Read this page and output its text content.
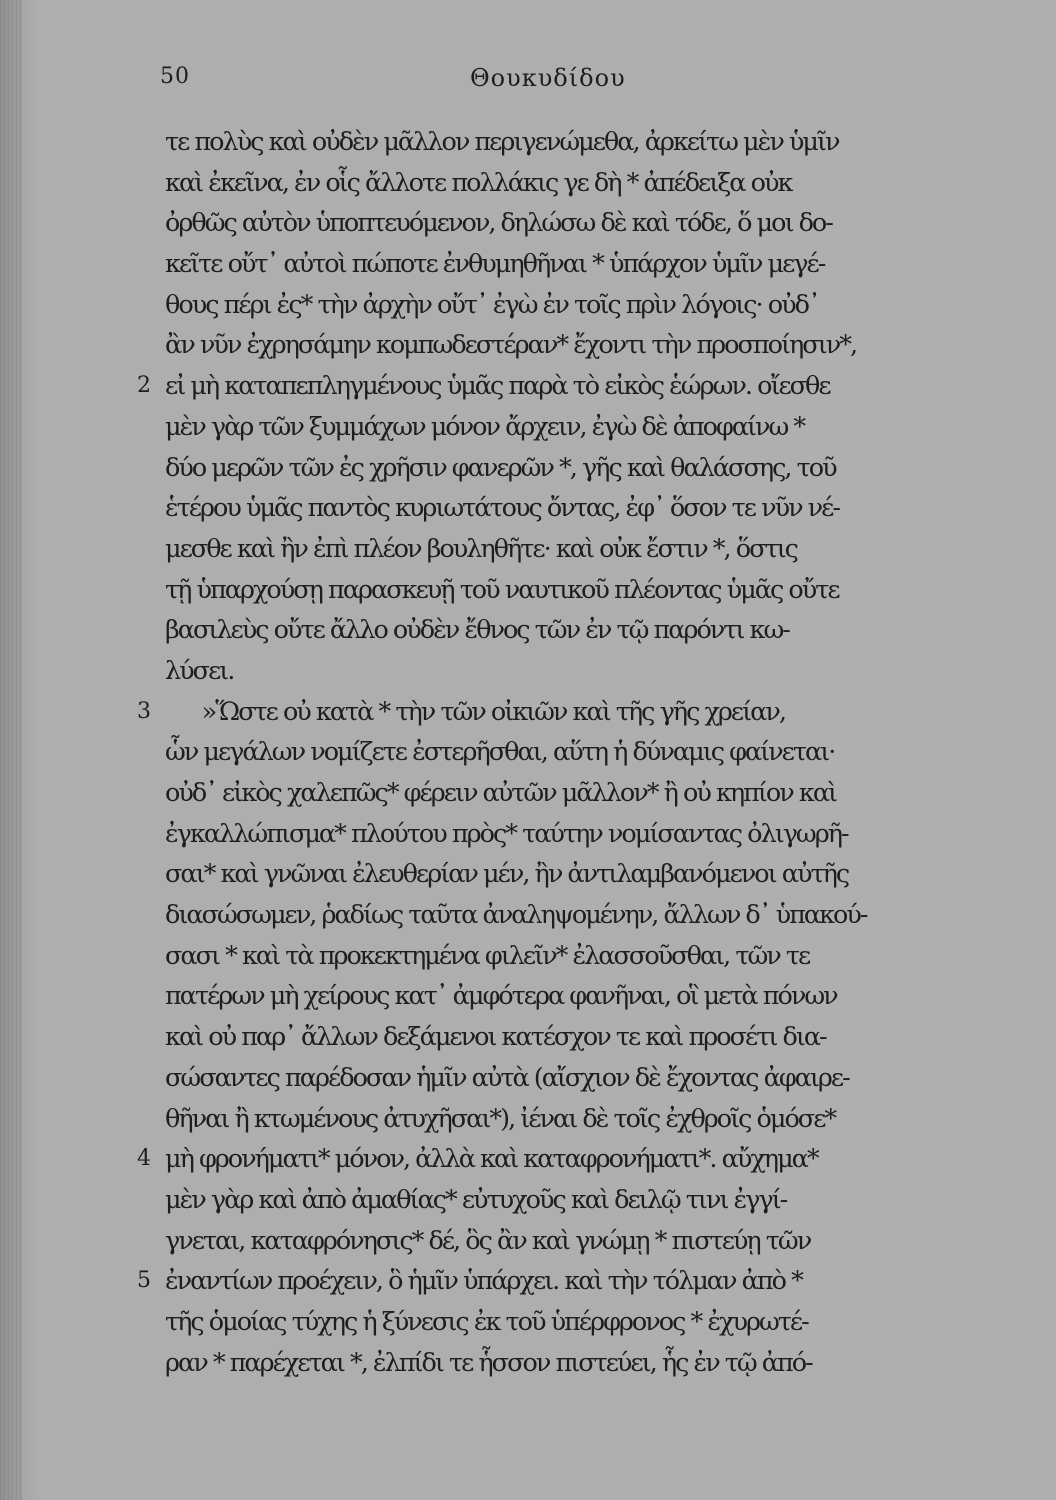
50	Θουκυδίδου
τε πολὺς καὶ οὐδὲν μᾶλλον περιγενώμεθα, ἀρκείτω μὲν ὑμῖν
καὶ ἐκεῖνα, ἐν οἷς ἄλλοτε πολλάκις γε δὴ * ἀπέδειξα οὐκ
ὀρθῶς αὐτὸν ὑποπτευόμενον, δηλώσω δὲ καὶ τόδε, ὅ μοι δο-
κεῖτε οὔτ᾽ αὐτοὶ πώποτε ἐνθυμηθῆναι * ὑπάρχον ὑμῖν μεγέ-
θους πέρι ἐς* τὴν ἀρχὴν οὔτ᾽ ἐγὼ ἐν τοῖς πρὶν λόγοις· οὐδ᾽
ἂν νῦν ἐχρησάμην κομπωδεστέραν* ἔχοντι τὴν προσποίησιν*,
2 εἰ μὴ καταπεπληγμένους ὑμᾶς παρὰ τὸ εἰκὸς ἑώρων. οἴεσθε
μὲν γὰρ τῶν ξυμμάχων μόνον ἄρχειν, ἐγὼ δὲ ἀποφαίνω *
δύο μερῶν τῶν ἐς χρῆσιν φανερῶν *, γῆς καὶ θαλάσσης, τοῦ
ἑτέρου ὑμᾶς παντὸς κυριωτάτους ὄντας, ἐφ᾽ ὅσον τε νῦν νέ-
μεσθε καὶ ἢν ἐπὶ πλέον βουληθῆτε· καὶ οὐκ ἔστιν *, ὅστις
τῇ ὑπαρχούσῃ παρασκευῇ τοῦ ναυτικοῦ πλέοντας ὑμᾶς οὔτε
βασιλεὺς οὔτε ἄλλο οὐδὲν ἔθνος τῶν ἐν τῷ παρόντι κω-
λύσει.
3 »Ὥστε οὐ κατὰ * τὴν τῶν οἰκιῶν καὶ τῆς γῆς χρείαν,
ὧν μεγάλων νομίζετε ἐστερῆσθαι, αὕτη ἡ δύναμις φαίνεται·
οὐδ᾽ εἰκὸς χαλεπῶς* φέρειν αὐτῶν μᾶλλον* ἢ οὐ κηπίον καὶ
ἐγκαλλώπισμα* πλούτου πρὸς* ταύτην νομίσαντας ὀλιγωρῆ-
σαι* καὶ γνῶναι ἐλευθερίαν μέν, ἢν ἀντιλαμβανόμενοι αὐτῆς
διασώσωμεν, ῥαδίως ταῦτα ἀναληψομένην, ἄλλων δ᾽ ὑπακού-
σασι * καὶ τὰ προκεκτημένα φιλεῖν* ἐλασσοῦσθαι, τῶν τε
πατέρων μὴ χείρους κατ᾽ ἀμφότερα φανῆναι, οἳ μετὰ πόνων
καὶ οὐ παρ᾽ ἄλλων δεξάμενοι κατέσχον τε καὶ προσέτι δια-
σώσαντες παρέδοσαν ἡμῖν αὐτὰ (αἴσχιον δὲ ἔχοντας ἀφαιρε-
θῆναι ἢ κτωμένους ἀτυχῆσαι*), ἰέναι δὲ τοῖς ἐχθροῖς ὁμόσε*
4 μὴ φρονήματι* μόνον, ἀλλὰ καὶ καταφρονήματι*. αὔχημα*
μὲν γὰρ καὶ ἀπὸ ἀμαθίας* εὐτυχοῦς καὶ δειλῷ τινι ἐγγί-
γνεται, καταφρόνησις* δέ, ὃς ἂν καὶ γνώμῃ * πιστεύῃ τῶν
5 ἐναντίων προέχειν, ὃ ἡμῖν ὑπάρχει. καὶ τὴν τόλμαν ἀπὸ *
τῆς ὁμοίας τύχης ἡ ξύνεσις ἐκ τοῦ ὑπέρφρονος * ἐχυρωτέ-
ραν * παρέχεται *, ἐλπίδι τε ἧσσον πιστεύει, ἧς ἐν τῷ ἀπό-
